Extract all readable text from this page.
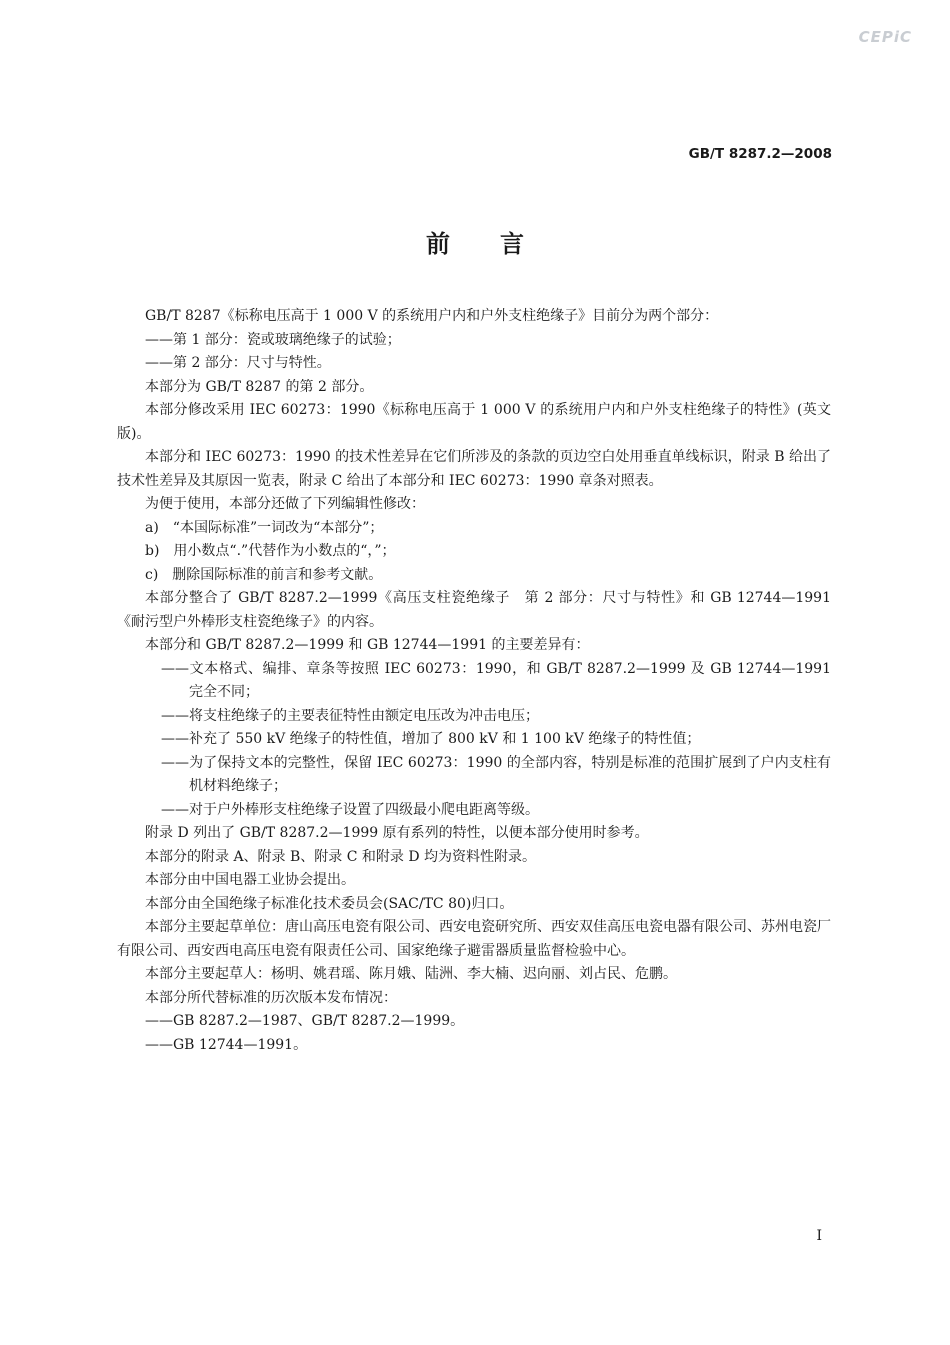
CEPiC
GB/T 8287.2—2008
前言

GB/T 8287《标称电压高于 1 000 V 的系统用户内和户外支柱绝缘子》目前分为两个部分：

——第 1 部分：瓷或玻璃绝缘子的试验；

——第 2 部分：尺寸与特性。

本部分为 GB/T 8287 的第 2 部分。

本部分修改采用 IEC 60273：1990《标称电压高于 1 000 V 的系统用户内和户外支柱绝缘子的特性》(英文版)。

本部分和 IEC 60273：1990 的技术性差异在它们所涉及的条款的页边空白处用垂直单线标识，附录 B 给出了技术性差异及其原因一览表，附录 C 给出了本部分和 IEC 60273：1990 章条对照表。

为便于使用，本部分还做了下列编辑性修改：

a)　“本国际标准”一词改为“本部分”；

b)　用小数点“.”代替作为小数点的“，”；

c)　删除国际标准的前言和参考文献。

本部分整合了 GB/T 8287.2—1999《高压支柱瓷绝缘子　第 2 部分：尺寸与特性》和 GB 12744—1991《耐污型户外棒形支柱瓷绝缘子》的内容。

本部分和 GB/T 8287.2—1999 和 GB 12744—1991 的主要差异有：

——文本格式、编排、章条等按照 IEC 60273：1990，和 GB/T 8287.2—1999 及 GB 12744—1991 完全不同；

——将支柱绝缘子的主要表征特性由额定电压改为冲击电压；

——补充了 550 kV 绝缘子的特性值，增加了 800 kV 和 1 100 kV 绝缘子的特性值；

——为了保持文本的完整性，保留 IEC 60273：1990 的全部内容，特别是标准的范围扩展到了户内支柱有机材料绝缘子；

——对于户外棒形支柱绝缘子设置了四级最小爬电距离等级。

附录 D 列出了 GB/T 8287.2—1999 原有系列的特性，以便本部分使用时参考。

本部分的附录 A、附录 B、附录 C 和附录 D 均为资料性附录。

本部分由中国电器工业协会提出。

本部分由全国绝缘子标准化技术委员会(SAC/TC 80)归口。

本部分主要起草单位：唐山高压电瓷有限公司、西安电瓷研究所、西安双佳高压电瓷电器有限公司、苏州电瓷厂有限公司、西安西电高压电瓷有限责任公司、国家绝缘子避雷器质量监督检验中心。

本部分主要起草人：杨明、姚君瑶、陈月娥、陆洲、李大楠、迟向丽、刘占民、危鹏。

本部分所代替标准的历次版本发布情况：

——GB 8287.2—1987、GB/T 8287.2—1999。

——GB 12744—1991。

I
